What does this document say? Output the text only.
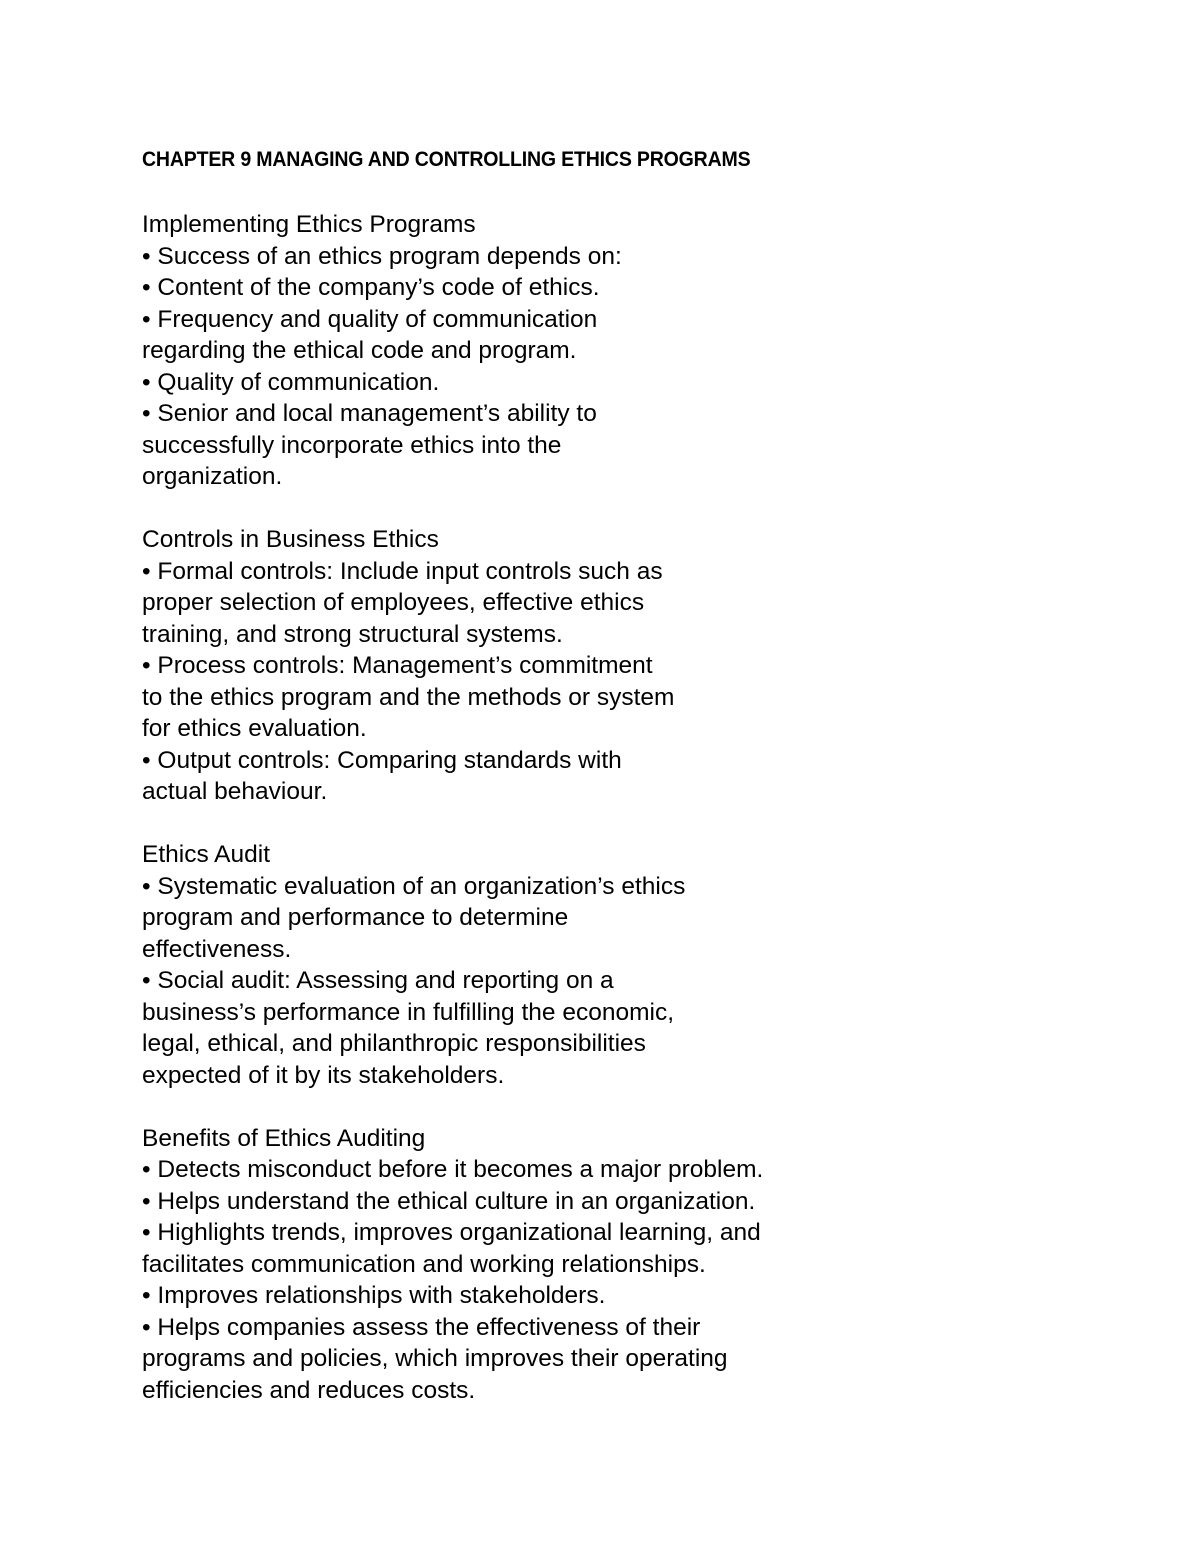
CHAPTER 9 MANAGING AND CONTROLLING ETHICS PROGRAMS
Implementing Ethics Programs
• Success of an ethics program depends on:
• Content of the company’s code of ethics.
• Frequency and quality of communication
regarding the ethical code and program.
• Quality of communication.
• Senior and local management’s ability to
successfully incorporate ethics into the
organization.
Controls in Business Ethics
• Formal controls: Include input controls such as
proper selection of employees, effective ethics
training, and strong structural systems.
• Process controls: Management’s commitment
to the ethics program and the methods or system
for ethics evaluation.
• Output controls: Comparing standards with
actual behaviour.
Ethics Audit
• Systematic evaluation of an organization’s ethics
program and performance to determine
effectiveness.
• Social audit: Assessing and reporting on a
business’s performance in fulfilling the economic,
legal, ethical, and philanthropic responsibilities
expected of it by its stakeholders.
Benefits of Ethics Auditing
• Detects misconduct before it becomes a major problem.
• Helps understand the ethical culture in an organization.
• Highlights trends, improves organizational learning, and
facilitates communication and working relationships.
• Improves relationships with stakeholders.
• Helps companies assess the effectiveness of their
programs and policies, which improves their operating
efficiencies and reduces costs.
